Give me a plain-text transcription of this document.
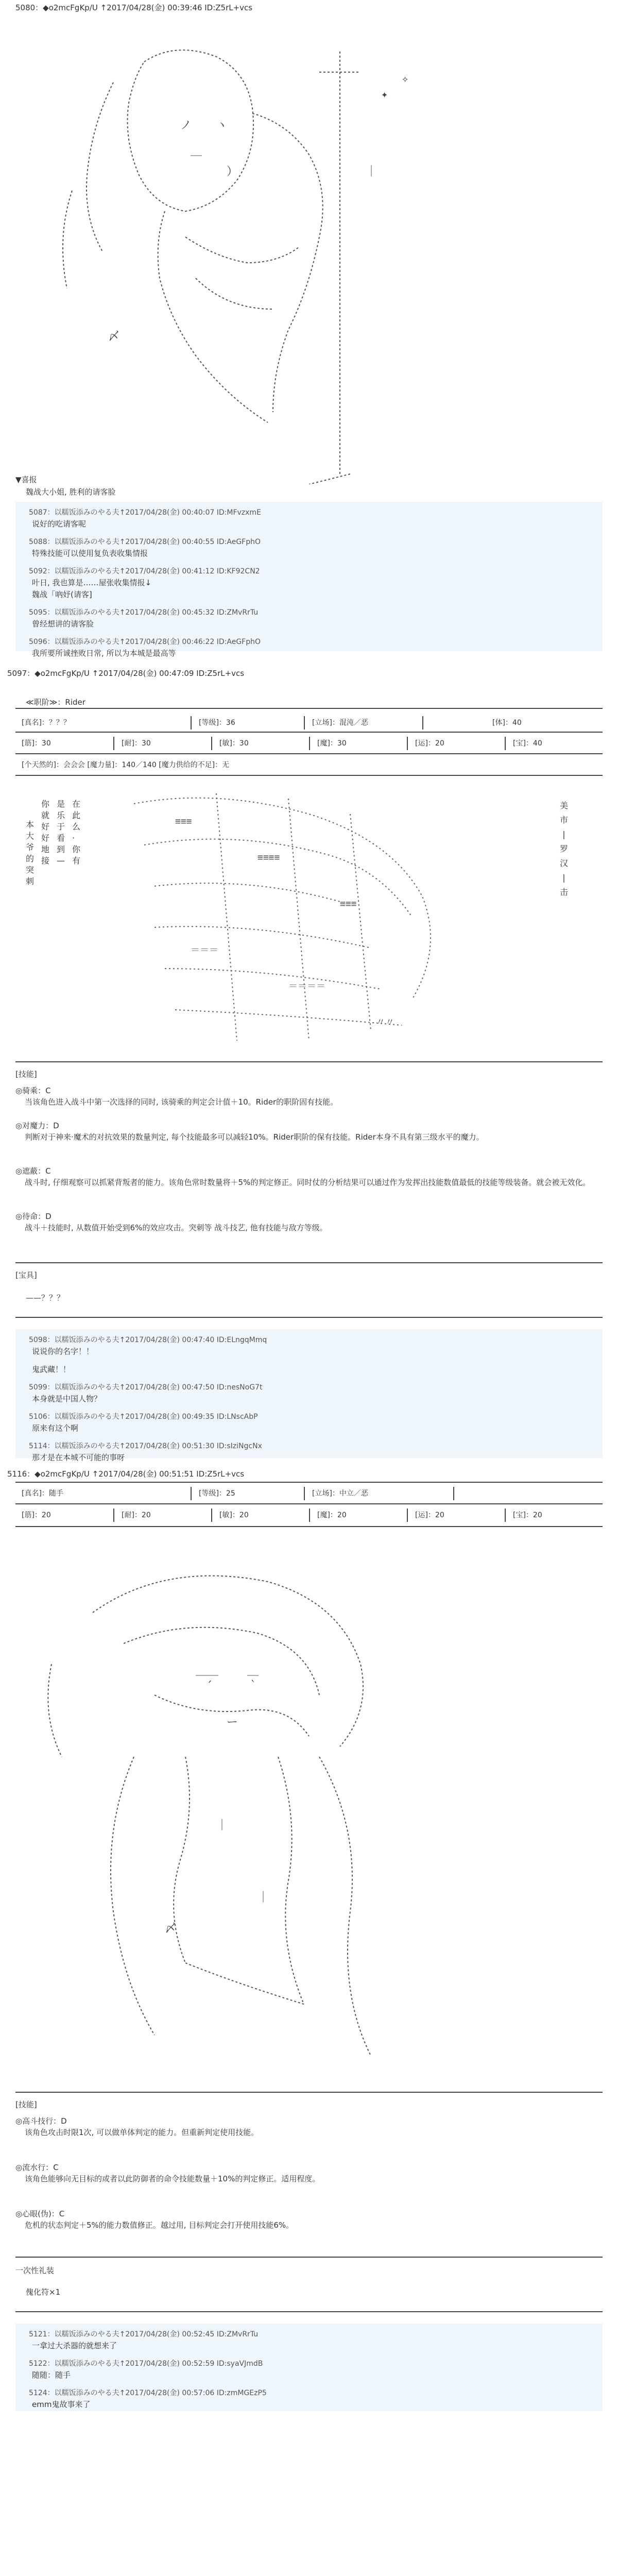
5080：◆o2mcFgKp/U ↑2017/04/28(金) 00:39:46 ID:Z5rL+vcs
ノ ヽ
＿
）
✦
✧
｜
〆
▼喜报
魏战大小姐, 胜利的请客脸
5087：以糯饭添みのやる夫↑2017/04/28(金) 00:40:07 ID:MFvzxmE
说好的吃请客呢
5088：以糯饭添みのやる夫↑2017/04/28(金) 00:40:55 ID:AeGFphO
特殊技能可以使用复负表收集情报
5092：以糯饭添みのやる夫↑2017/04/28(金) 00:41:12 ID:KF92CN2
叶日, 我也算是……屋张收集情报↓
魏战「吶妤(请客]
5095：以糯饭添みのやる夫↑2017/04/28(金) 00:45:32 ID:ZMvRrTu
曾经想讲的请客脸
5096：以糯饭添みのやる夫↑2017/04/28(金) 00:46:22 ID:AeGFphO
我所要所诚挫败日常, 所以为本城是最高等
5097：◆o2mcFgKp/U ↑2017/04/28(金) 00:47:09 ID:Z5rL+vcs
≪职阶≫：Rider
[真名]：？？？	[等级]：36	[立场]：混沌／恶	[体]：40
[筋]：30	[耐]：30	[敏]：30	[魔]：30	[运]：20	[宝]：40
[个天然的]：会会会 [魔力量]：140／140 [魔力供给的不足]：无
≡≡≡
≡≡≡≡
≡≡≡
＝＝＝
＝＝＝＝
〃〃
本
大
爷
的
突
刺
你
就
好
好
地
接
是
乐
于
看
到
—
在
此
么
·
你
有
美
市
|
罗
汉
|
击
[技能]
◎骑乘：C
当该角色进入战斗中第一次选择的同时, 该骑乘的判定会计值＋10。Rider的职阶固有技能。
◎对魔力：D
判断对于神来·魔术的对抗效果的数量判定, 每个技能最多可以减轻10%。Rider职阶的保有技能。Rider本身不具有第三级水平的魔力。
◎遮蔽：C
战斗时, 仔细观察可以抓紧背叛者的能力。该角色常时数量将＋5%的判定修正。同时仗的分析结果可以通过作为发挥出技能数值最低的技能等级装备。就会被无效化。
◎待命：D
战斗＋技能时, 从数值开始受到6%的效应攻击。突刺等 战斗技艺, 他有技能与敌方等级。
[宝具]
——？？？
5098：以糯饭添みのやる夫↑2017/04/28(金) 00:47:40 ID:ELngqMmq
说说你的名字！！
鬼武藏！！
5099：以糯饭添みのやる夫↑2017/04/28(金) 00:47:50 ID:nesNoG7t
本身就是中国人物？
5106：以糯饭添みのやる夫↑2017/04/28(金) 00:49:35 ID:LNscAbP
原来有这个啊
5114：以糯饭添みのやる夫↑2017/04/28(金) 00:51:30 ID:sIziNgcNx
那才是在本城不可能的事呀
5116：◆o2mcFgKp/U ↑2017/04/28(金) 00:51:51 ID:Z5rL+vcs
[真名]：随手	[等级]：25	[立场]：中立／恶
[筋]：20	[耐]：20	[敏]：20	[魔]：20	[运]：20	[宝]：20
＿＿	＿
´	｀
ー
｜
｜
〆
[技能]
◎高斗技行：D
该角色攻击时限1次, 可以做单体判定的能力。但重新判定使用技能。
◎流水行：C
该角色能够向无目标的或者以此防御者的命令技能数量＋10%的判定修正。适用程度。
◎心眼(伪)：C
危机的状态判定＋5%的能力数值修正。越过用, 目标判定会打开使用技能6%。
一次性礼装
傀化符×1
5121：以糯饭添みのやる夫↑2017/04/28(金) 00:52:45 ID:ZMvRrTu
一拿过大杀器的就想来了
5122：以糯饭添みのやる夫↑2017/04/28(金) 00:52:59 ID:syaVJmdB
随随：随手
5124：以糯饭添みのやる夫↑2017/04/28(金) 00:57:06 ID:zmMGEzP5
emm鬼故事来了
